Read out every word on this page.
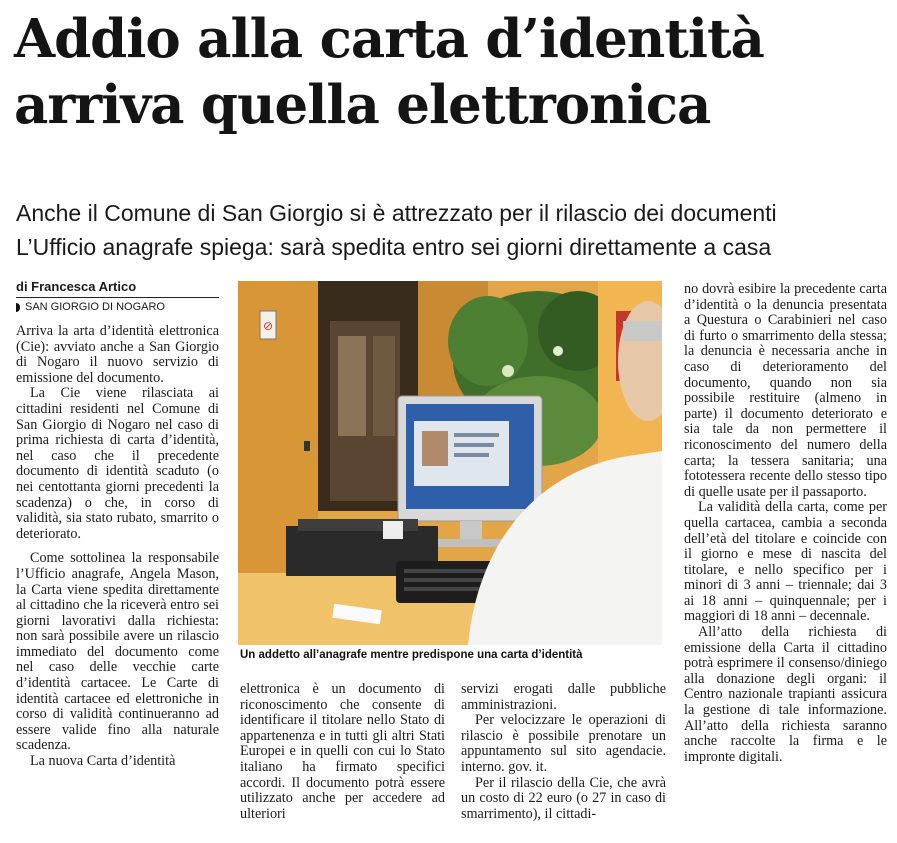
Addio alla carta d’identità
arriva quella elettronica
Anche il Comune di San Giorgio si è attrezzato per il rilascio dei documenti
L’Ufficio anagrafe spiega: sarà spedita entro sei giorni direttamente a casa
di Francesca Artico
SAN GIORGIO DI NOGARO

Arriva la arta d’identità elettronica (Cie): avviato anche a San Giorgio di Nogaro il nuovo servizio di emissione del documento.

La Cie viene rilasciata ai cittadini residenti nel Comune di San Giorgio di Nogaro nel caso di prima richiesta di carta d’identità, nel caso che il precedente documento di identità scaduto (o nei centottanta giorni precedenti la scadenza) o che, in corso di validità, sia stato rubato, smarrito o deteriorato.

Come sottolinea la responsabile l’Ufficio anagrafe, Angela Mason, la Carta viene spedita direttamente al cittadino che la riceverà entro sei giorni lavorativi dalla richiesta: non sarà possibile avere un rilascio immediato del documento come nel caso delle vecchie carte d’identità cartacee. Le Carte di identità cartacee ed elettroniche in corso di validità continueranno ad essere valide fino alla naturale scadenza.

La nuova Carta d’identità

⊘
Un addetto all’anagrafe mentre predispone una carta d’identità

elettronica è un documento di riconoscimento che consente di identificare il titolare nello Stato di appartenenza e in tutti gli altri Stati Europei e in quelli con cui lo Stato italiano ha firmato specifici accordi. Il documento potrà essere utilizzato anche per accedere ad ulteriori

servizi erogati dalle pubbliche amministrazioni.

Per velocizzare le operazioni di rilascio è possibile prenotare un appuntamento sul sito agendacie. interno. gov. it.

Per il rilascio della Cie, che avrà un costo di 22 euro (o 27 in caso di smarrimento), il cittadi-

no dovrà esibire la precedente carta d’identità o la denuncia presentata a Questura o Carabinieri nel caso di furto o smarrimento della stessa; la denuncia è necessaria anche in caso di deterioramento del documento, quando non sia possibile restituire (almeno in parte) il documento deteriorato e sia tale da non permettere il riconoscimento del numero della carta; la tessera sanitaria; una fototessera recente dello stesso tipo di quelle usate per il passaporto.

La validità della carta, come per quella cartacea, cambia a seconda dell’età del titolare e coincide con il giorno e mese di nascita del titolare, e nello specifico per i minori di 3 anni – triennale; dai 3 ai 18 anni – quinquennale; per i maggiori di 18 anni – decennale.

All’atto della richiesta di emissione della Carta il cittadino potrà esprimere il consenso/diniego alla donazione degli organi: il Centro nazionale trapianti assicura la gestione di tale informazione. All’atto della richiesta saranno anche raccolte la firma e le impronte digitali.
